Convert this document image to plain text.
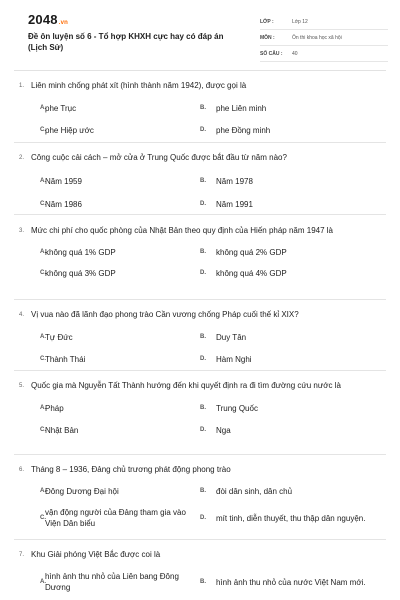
2048.vn
Đề ôn luyện số 6 - Tổ hợp KHXH cực hay có đáp án (Lịch Sử)
LỚP :	Lớp 12
MÔN :	Ôn thi khoa học xã hội
SỐ CÂU :	40
1. Liên minh chống phát xít (hình thành năm 1942), được gọi là
A. phe Trục	B. phe Liên minh
C. phe Hiệp ước	D. phe Đồng minh
2. Công cuộc cải cách – mở cửa ở Trung Quốc được bắt đầu từ năm nào?
A. Năm 1959	B. Năm 1978
C. Năm 1986	D. Năm 1991
3. Mức chi phí cho quốc phòng của Nhật Bản theo quy định của Hiến pháp năm 1947 là
A. không quá 1% GDP	B. không quá 2% GDP
C. không quá 3% GDP	D. không quá 4% GDP
4. Vị vua nào đã lãnh đạo phong trào Cần vương chống Pháp cuối thế kỉ XIX?
A. Tự Đức	B. Duy Tân
C. Thành Thái	D. Hàm Nghi
5. Quốc gia mà Nguyễn Tất Thành hướng đến khi quyết định ra đi tìm đường cứu nước là
A. Pháp	B. Trung Quốc
C. Nhật Bản	D. Nga
6. Tháng 8 – 1936, Đảng chủ trương phát động phong trào
A. Đông Dương Đại hội	B. đòi dân sinh, dân chủ
C.
vận động người của Đảng tham gia vào Viện Dân biểu
D. mít tinh, diễn thuyết, thu thập dân nguyện.
7. Khu Giải phóng Việt Bắc được coi là
A.
hình ảnh thu nhỏ của Liên bang Đông Dương
B. hình ảnh thu nhỏ của nước Việt Nam mới.
